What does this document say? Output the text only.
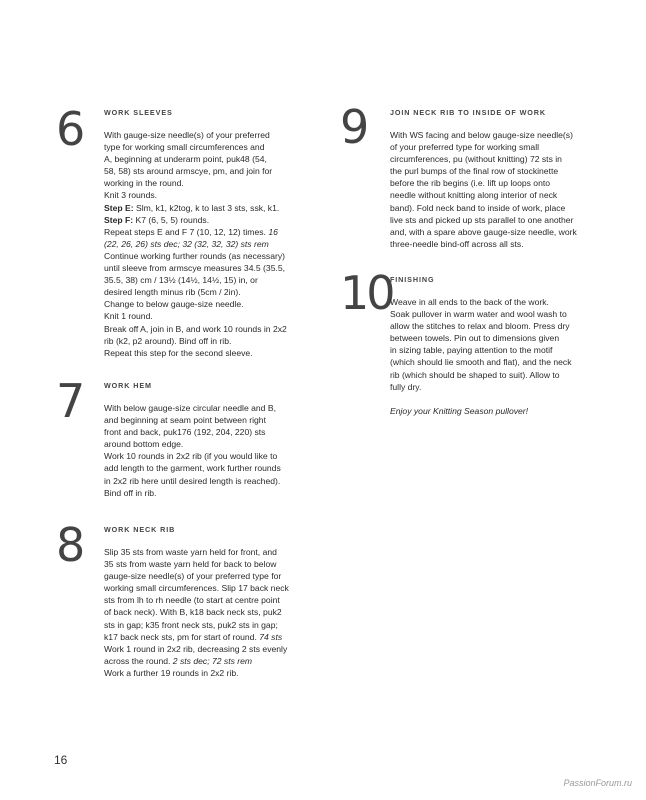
6	WORK SLEEVES
With gauge-size needle(s) of your preferred
type for working small circumferences and
A, beginning at underarm point, puk48 (54,
58, 58) sts around armscye, pm, and join for
working in the round.
Knit 3 rounds.
Step E: Slm, k1, k2tog, k to last 3 sts, ssk, k1.
Step F: K7 (6, 5, 5) rounds.
Repeat steps E and F 7 (10, 12, 12) times. 16
(22, 26, 26) sts dec; 32 (32, 32, 32) sts rem
Continue working further rounds (as necessary)
until sleeve from armscye measures 34.5 (35.5,
35.5, 38) cm / 13½ (14½, 14½, 15) in, or
desired length minus rib (5cm / 2in).
Change to below gauge-size needle.
Knit 1 round.
Break off A, join in B, and work 10 rounds in 2x2
rib (k2, p2 around). Bind off in rib.
Repeat this step for the second sleeve.
7	WORK HEM
With below gauge-size circular needle and B,
and beginning at seam point between right
front and back, puk176 (192, 204, 220) sts
around bottom edge.
Work 10 rounds in 2x2 rib (if you would like to
add length to the garment, work further rounds
in 2x2 rib here until desired length is reached).
Bind off in rib.
8	WORK NECK RIB
Slip 35 sts from waste yarn held for front, and
35 sts from waste yarn held for back to below
gauge-size needle(s) of your preferred type for
working small circumferences. Slip 17 back neck
sts from lh to rh needle (to start at centre point
of back neck). With B, k18 back neck sts, puk2
sts in gap; k35 front neck sts, puk2 sts in gap;
k17 back neck sts, pm for start of round. 74 sts
Work 1 round in 2x2 rib, decreasing 2 sts evenly
across the round. 2 sts dec; 72 sts rem
Work a further 19 rounds in 2x2 rib.
9	JOIN NECK RIB TO INSIDE OF WORK
With WS facing and below gauge-size needle(s)
of your preferred type for working small
circumferences, pu (without knitting) 72 sts in
the purl bumps of the final row of stockinette
before the rib begins (i.e. lift up loops onto
needle without knitting along interior of neck
band). Fold neck band to inside of work, place
live sts and picked up sts parallel to one another
and, with a spare above gauge-size needle, work
three-needle bind-off across all sts.
10
FINISHING
Weave in all ends to the back of the work.
Soak pullover in warm water and wool wash to
allow the stitches to relax and bloom. Press dry
between towels. Pin out to dimensions given
in sizing table, paying attention to the motif
(which should lie smooth and flat), and the neck
rib (which should be shaped to suit). Allow to
fully dry.
Enjoy your Knitting Season pullover!
16
PassionForum.ru
